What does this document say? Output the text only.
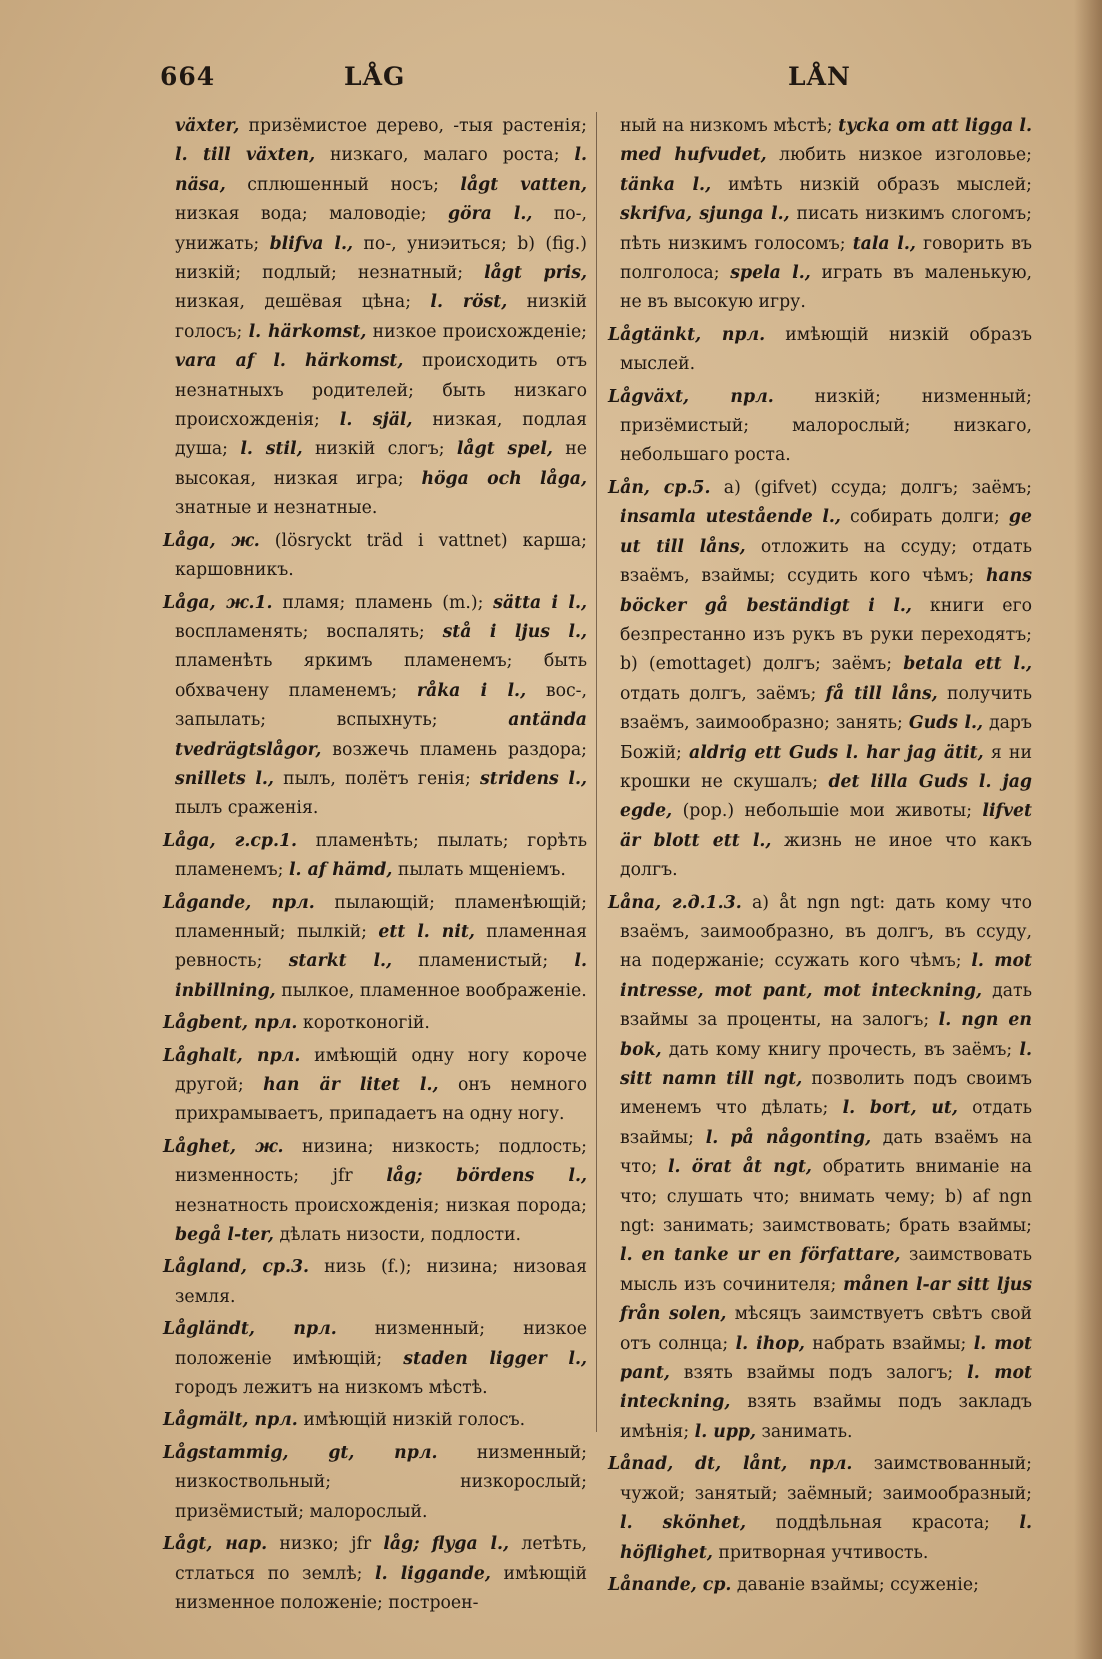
664	LÅG	LÅN

växter, призёмистое дерево, -тыя растенія; l. till växten, низкаго, малаго роста; l. näsa, сплюшенный носъ; lågt vatten, низкая вода; маловодіе; göra l., по-, унижать; blifva l., по-, униэиться; b) (fig.) низкій; подлый; незнатный; lågt pris, низкая, дешёвая цѣна; l. röst, низкій голосъ; l. härkomst, низкое происхожденіе; vara af l. härkomst, происходить отъ незнатныхъ родителей; быть низкаго происхожденія; l. själ, низкая, подлая душа; l. stil, низкій слогъ; lågt spel, не высокая, низкая игра; höga och låga, знатные и незнатные.

Låga, ж. (lösryckt träd i vattnet) карша; каршовникъ.

Låga, ж.1. пламя; пламень (m.); sätta i l., воспламенять; воспалять; stå i ljus l., пламенѣть яркимъ пламенемъ; быть обхвачену пламенемъ; råka i l., вос-, запылать; вспыхнуть; antända tvedrägtslågor, возжечь пламень раздора; snillets l., пылъ, полётъ генія; stridens l., пылъ сраженія.

Låga, г.ср.1. пламенѣть; пылать; горѣть пламенемъ; l. af hämd, пылать мщеніемъ.

Lågande, прл. пылающій; пламенѣющій; пламенный; пылкій; ett l. nit, пламенная ревность; starkt l., пламенистый; l. inbillning, пылкое, пламенное воображеніе.

Lågbent, прл. коротконогій.

Låghalt, прл. имѣющій одну ногу короче другой; han är litet l., онъ немного прихрамываетъ, припадаетъ на одну ногу.

Låghet, ж. низина; низкость; подлость; низменность; jfr låg; bördens l., незнатность происхожденія; низкая порода; begå l-ter, дѣлать низости, подлости.

Lågland, ср.3. низь (f.); низина; низовая земля.

Lågländt, прл. низменный; низкое положеніе имѣющій; staden ligger l., городъ лежитъ на низкомъ мѣстѣ.

Lågmält, прл. имѣющій низкій голосъ.

Lågstammig, gt, прл. низменный; низкоствольный; низкорослый; призёмистый; малорослый.

Lågt, нар. низко; jfr låg; flyga l., летѣть, стлаться по землѣ; l. liggande, имѣющій низменное положеніе; построен-

ный на низкомъ мѣстѣ; tycka om att ligga l. med hufvudet, любить низкое изголовье; tänka l., имѣть низкій образъ мыслей; skrifva, sjunga l., писать низкимъ слогомъ; пѣть низкимъ голосомъ; tala l., говорить въ полголоса; spela l., играть въ маленькую, не въ высокую игру.

Lågtänkt, прл. имѣющій низкій образъ мыслей.

Lågväxt, прл. низкій; низменный; призёмистый; малорослый; низкаго, небольшаго роста.

Lån, ср.5. a) (gifvet) ссуда; долгъ; заёмъ; insamla utestående l., собирать долги; ge ut till låns, отложить на ссуду; отдать взаёмъ, взаймы; ссудить кого чѣмъ; hans böcker gå beständigt i l., книги его безпрестанно изъ рукъ въ руки переходятъ; b) (emottaget) долгъ; заёмъ; betala ett l., отдать долгъ, заёмъ; få till låns, получить взаёмъ, заимообразно; занять; Guds l., даръ Божій; aldrig ett Guds l. har jag ätit, я ни крошки не скушалъ; det lilla Guds l. jag egde, (рор.) небольшіе мои животы; lifvet är blott ett l., жизнь не иное что какъ долгъ.

Låna, г.д.1.3. a) åt ngn ngt: дать кому что взаёмъ, заимообразно, въ долгъ, въ ссуду, на подержаніе; ссужать кого чѣмъ; l. mot intresse, mot pant, mot inteckning, дать взаймы за проценты, на залогъ; l. ngn en bok, дать кому книгу прочесть, въ заёмъ; l. sitt namn till ngt, позволить подъ своимъ именемъ что дѣлать; l. bort, ut, отдать взаймы; l. på någonting, дать взаёмъ на что; l. örat åt ngt, обратить вниманіе на что; слушать что; внимать чему; b) af ngn ngt: занимать; заимствовать; брать взаймы; l. en tanke ur en författare, заимствовать мысль изъ сочинителя; månen l-ar sitt ljus från solen, мѣсяцъ заимствуетъ свѣтъ свой отъ солнца; l. ihop, набрать взаймы; l. mot pant, взять взаймы подъ залогъ; l. mot inteckning, взять взаймы подъ закладъ имѣнія; l. upp, занимать.

Lånad, dt, lånt, прл. заимствованный; чужой; занятый; заёмный; заимообразный; l. skönhet, поддѣльная красота; l. höflighet, притворная учтивость.

Lånande, ср. даваніе взаймы; ссуженіе;
